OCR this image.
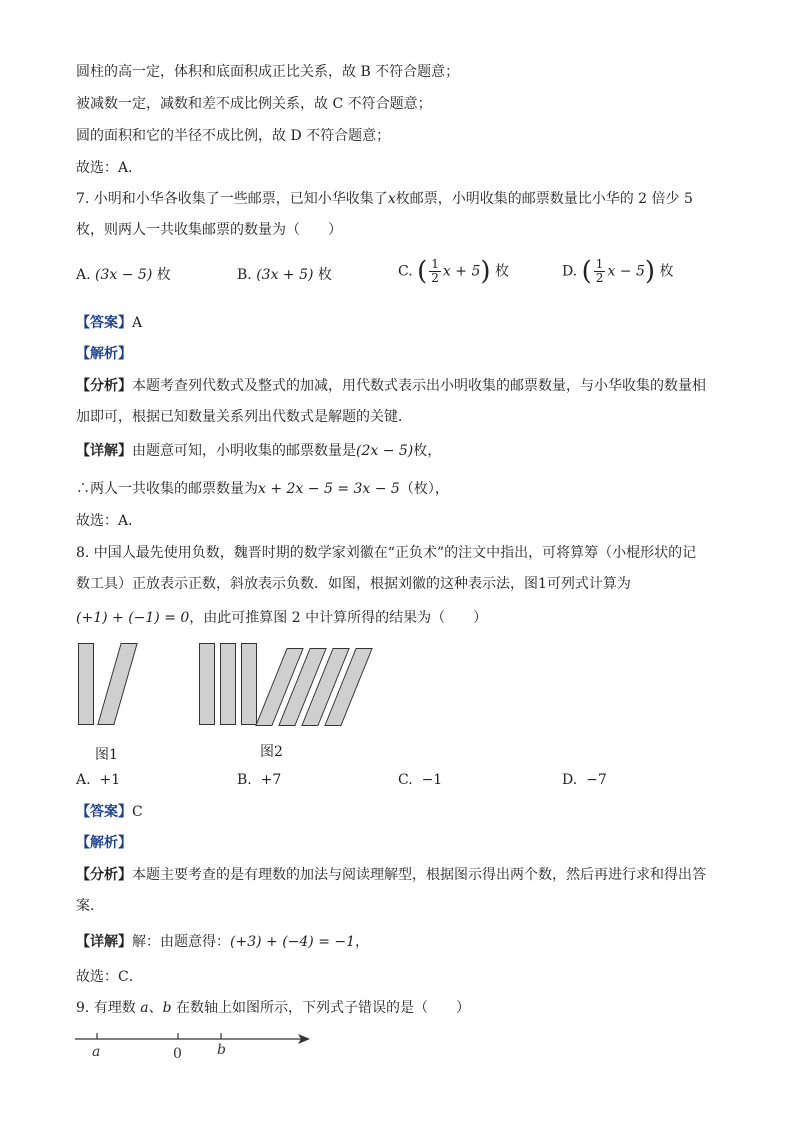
圆柱的高一定，体积和底面积成正比关系，故 B 不符合题意；
被减数一定，减数和差不成比例关系，故 C 不符合题意；
圆的面积和它的半径不成比例，故 D 不符合题意；
故选：A．
7. 小明和小华各收集了一些邮票，已知小华收集了x枚邮票，小明收集的邮票数量比小华的 2 倍少 5
枚，则两人一共收集邮票的数量为（　　）
A. (3x − 5) 枚	B. (3x + 5) 枚	C. ( $\frac{1}{2}$ x + 5) 枚	D. ( $\frac{1}{2}$ x − 5) 枚
【答案】A
【解析】
【分析】本题考查列代数式及整式的加减，用代数式表示出小明收集的邮票数量，与小华收集的数量相
加即可，根据已知数量关系列出代数式是解题的关键．
【详解】由题意可知，小明收集的邮票数量是(2x − 5)枚，
∴两人一共收集的邮票数量为x + 2x − 5 = 3x − 5（枚），
故选：A．
8. 中国人最先使用负数，魏晋时期的数学家刘徽在“正负术”的注文中指出，可将算筹（小棍形状的记
数工具）正放表示正数，斜放表示负数．如图，根据刘徽的这种表示法，图1可列式计算为
(+1) + (−1) = 0，由此可推算图 2 中计算所得的结果为（　　）
图1	图2
A. +1	B. +7	C. −1	D. −7
【答案】C
【解析】
【分析】本题主要考查的是有理数的加法与阅读理解型，根据图示得出两个数，然后再进行求和得出答
案．
【详解】解：由题意得：(+3) + (−4) = −1，
故选：C．
9. 有理数 a、b 在数轴上如图所示，下列式子错误的是（　　）
a	0	b
